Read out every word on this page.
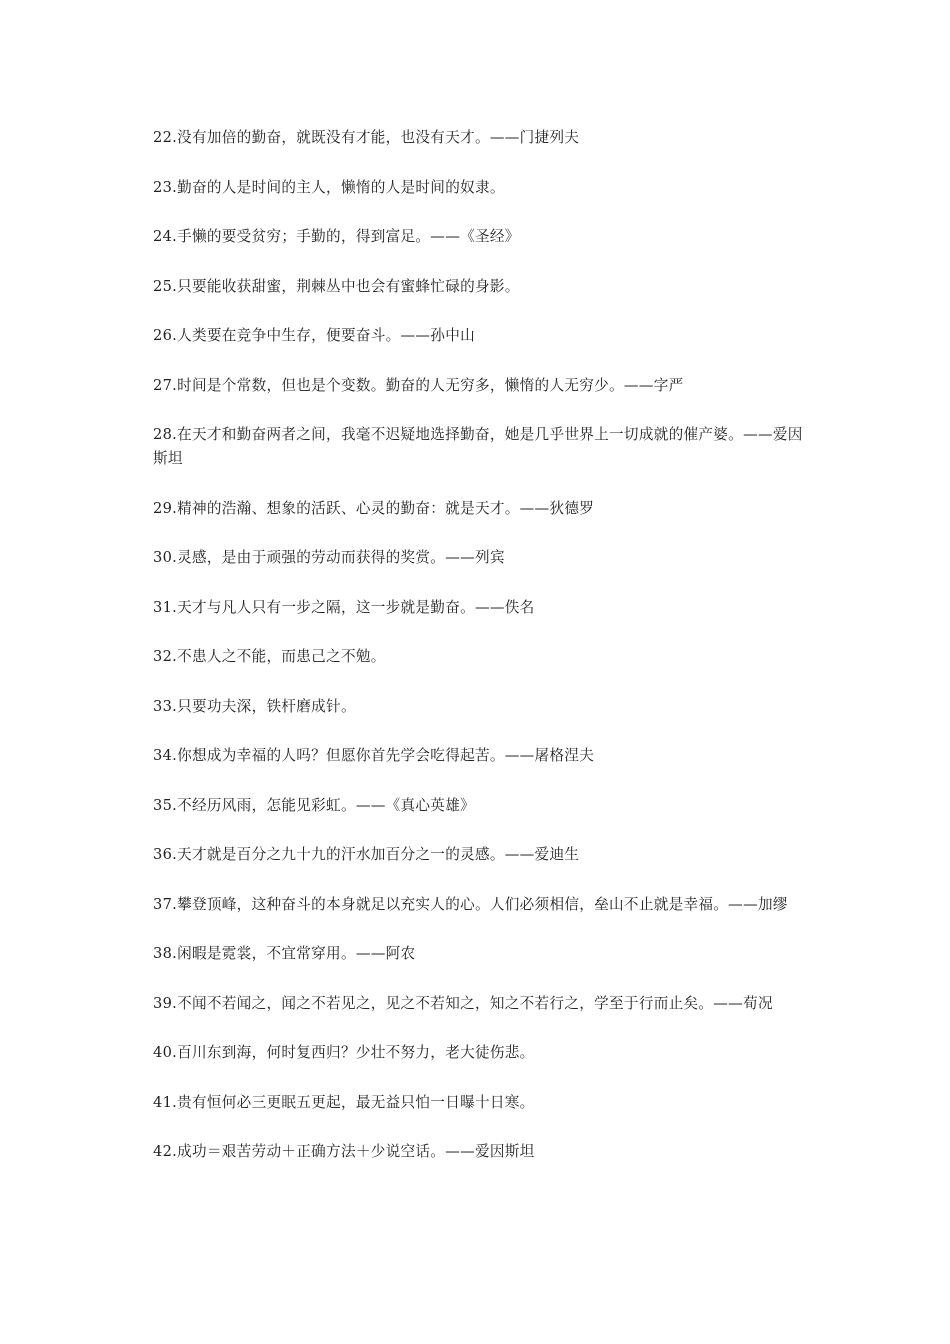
22.没有加倍的勤奋，就既没有才能，也没有天才。——门捷列夫

23.勤奋的人是时间的主人，懒惰的人是时间的奴隶。

24.手懒的要受贫穷；手勤的，得到富足。——《圣经》

25.只要能收获甜蜜，荆棘丛中也会有蜜蜂忙碌的身影。

26.人类要在竞争中生存，便要奋斗。——孙中山

27.时间是个常数，但也是个变数。勤奋的人无穷多，懒惰的人无穷少。——字严

28.在天才和勤奋两者之间，我毫不迟疑地选择勤奋，她是几乎世界上一切成就的催产婆。——爱因斯坦

29.精神的浩瀚、想象的活跃、心灵的勤奋：就是天才。——狄德罗

30.灵感，是由于顽强的劳动而获得的奖赏。——列宾

31.天才与凡人只有一步之隔，这一步就是勤奋。——佚名

32.不患人之不能，而患己之不勉。

33.只要功夫深，铁杆磨成针。

34.你想成为幸福的人吗？但愿你首先学会吃得起苦。——屠格涅夫

35.不经历风雨，怎能见彩虹。——《真心英雄》

36.天才就是百分之九十九的汗水加百分之一的灵感。——爱迪生

37.攀登顶峰，这种奋斗的本身就足以充实人的心。人们必须相信，垒山不止就是幸福。——加缪

38.闲暇是霓裳，不宜常穿用。——阿农

39.不闻不若闻之，闻之不若见之，见之不若知之，知之不若行之，学至于行而止矣。——荀况

40.百川东到海，何时复西归？少壮不努力，老大徒伤悲。

41.贵有恒何必三更眠五更起，最无益只怕一日曝十日寒。

42.成功＝艰苦劳动＋正确方法＋少说空话。——爱因斯坦
